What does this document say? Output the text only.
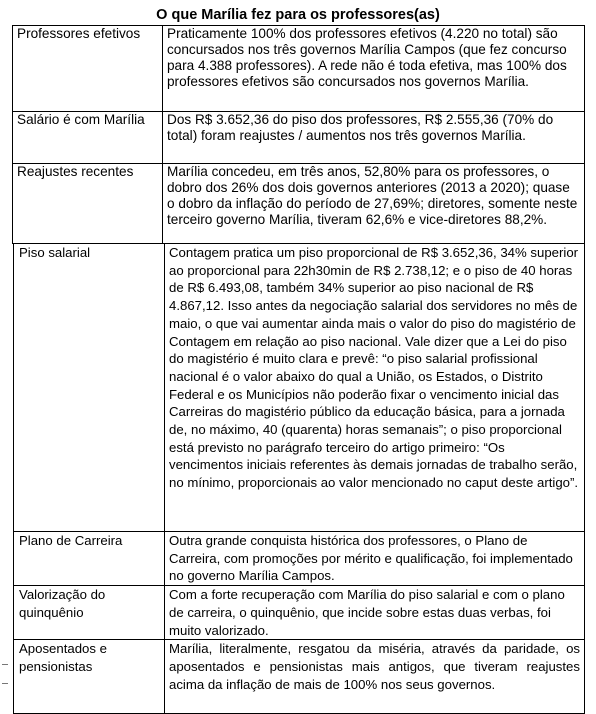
O que Marília fez para os professores(as)
Professores efetivos	Praticamente 100% dos professores efetivos (4.220 no total) são concursados nos três governos Marília Campos (que fez concurso para 4.388 professores). A rede não é toda efetiva, mas 100% dos professores efetivos são concursados nos governos Marília.
Salário é com Marília	Dos R$ 3.652,36 do piso dos professores, R$ 2.555,36 (70% do total) foram reajustes / aumentos nos três governos Marília.
Reajustes recentes	Marília concedeu, em três anos, 52,80% para os professores, o dobro dos 26% dos dois governos anteriores (2013 a 2020); quase o dobro da inflação do período de 27,69%; diretores, somente neste terceiro governo Marília, tiveram 62,6% e vice-diretores 88,2%.
Piso salarial	Contagem pratica um piso proporcional de R$ 3.652,36, 34% superior ao proporcional para 22h30min de R$ 2.738,12; e o piso de 40 horas de R$ 6.493,08, também 34% superior ao piso nacional de R$ 4.867,12. Isso antes da negociação salarial dos servidores no mês de maio, o que vai aumentar ainda mais o valor do piso do magistério de Contagem em relação ao piso nacional. Vale dizer que a Lei do piso do magistério é muito clara e prevê: “o piso salarial profissional nacional é o valor abaixo do qual a União, os Estados, o Distrito Federal e os Municípios não poderão fixar o vencimento inicial das Carreiras do magistério público da educação básica, para a jornada de, no máximo, 40 (quarenta) horas semanais”; o piso proporcional está previsto no parágrafo terceiro do artigo primeiro: “Os vencimentos iniciais referentes às demais jornadas de trabalho serão, no mínimo, proporcionais ao valor mencionado no caput deste artigo”.
Plano de Carreira	Outra grande conquista histórica dos professores, o Plano de Carreira, com promoções por mérito e qualificação, foi implementado no governo Marília Campos.
Valorização do quinquênio	Com a forte recuperação com Marília do piso salarial e com o plano de carreira, o quinquênio, que incide sobre estas duas verbas, foi muito valorizado.
Aposentados e pensionistas	Marília, literalmente, resgatou da miséria, através da paridade, os aposentados e pensionistas mais antigos, que tiveram reajustes acima da inflação de mais de 100% nos seus governos.
